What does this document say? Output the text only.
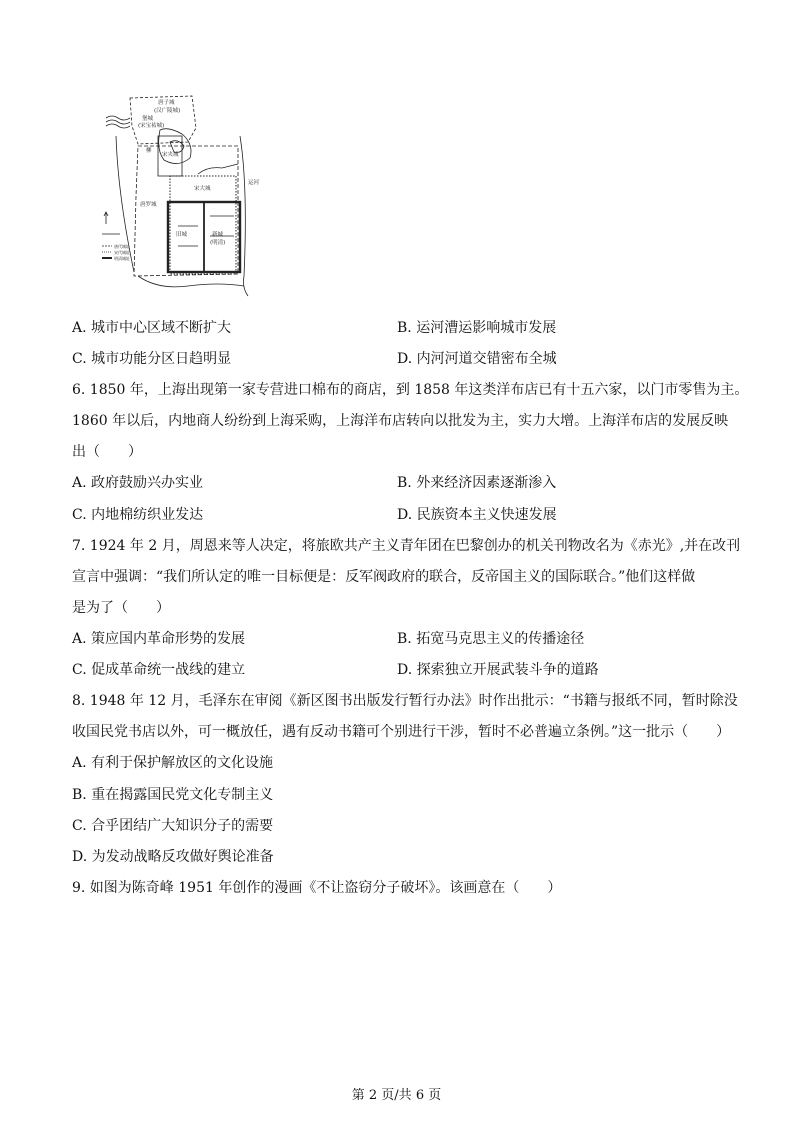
唐子城
(汉广陵城)
堡城
(宋宝祐城)
柳
宋夹城
宋大城
唐罗城
旧城	新城
(明清)
运河
唐代城址
宋代城址
明清城址
A. 城市中心区域不断扩大	B. 运河漕运影响城市发展
C. 城市功能分区日趋明显	D. 内河河道交错密布全城
6. 1850 年，上海出现第一家专营进口棉布的商店，到 1858 年这类洋布店已有十五六家，以门市零售为主。
1860 年以后，内地商人纷纷到上海采购，上海洋布店转向以批发为主，实力大增。上海洋布店的发展反映
出（　　）
A. 政府鼓励兴办实业	B. 外来经济因素逐渐渗入
C. 内地棉纺织业发达	D. 民族资本主义快速发展
7. 1924 年 2 月，周恩来等人决定，将旅欧共产主义青年团在巴黎创办的机关刊物改名为《赤光》,并在改刊
宣言中强调：“我们所认定的唯一目标便是：反军阀政府的联合，反帝国主义的国际联合。”他们这样做
是为了（　　）
A. 策应国内革命形势的发展	B. 拓宽马克思主义的传播途径
C. 促成革命统一战线的建立	D. 探索独立开展武装斗争的道路
8. 1948 年 12 月，毛泽东在审阅《新区图书出版发行暂行办法》时作出批示：“书籍与报纸不同，暂时除没
收国民党书店以外，可一概放任，遇有反动书籍可个别进行干涉，暂时不必普遍立条例。”这一批示（　　）
A. 有利于保护解放区的文化设施
B. 重在揭露国民党文化专制主义
C. 合乎团结广大知识分子的需要
D. 为发动战略反攻做好舆论准备
9. 如图为陈奇峰 1951 年创作的漫画《不让盗窃分子破坏》。该画意在（　　）
第 2 页/共 6 页
